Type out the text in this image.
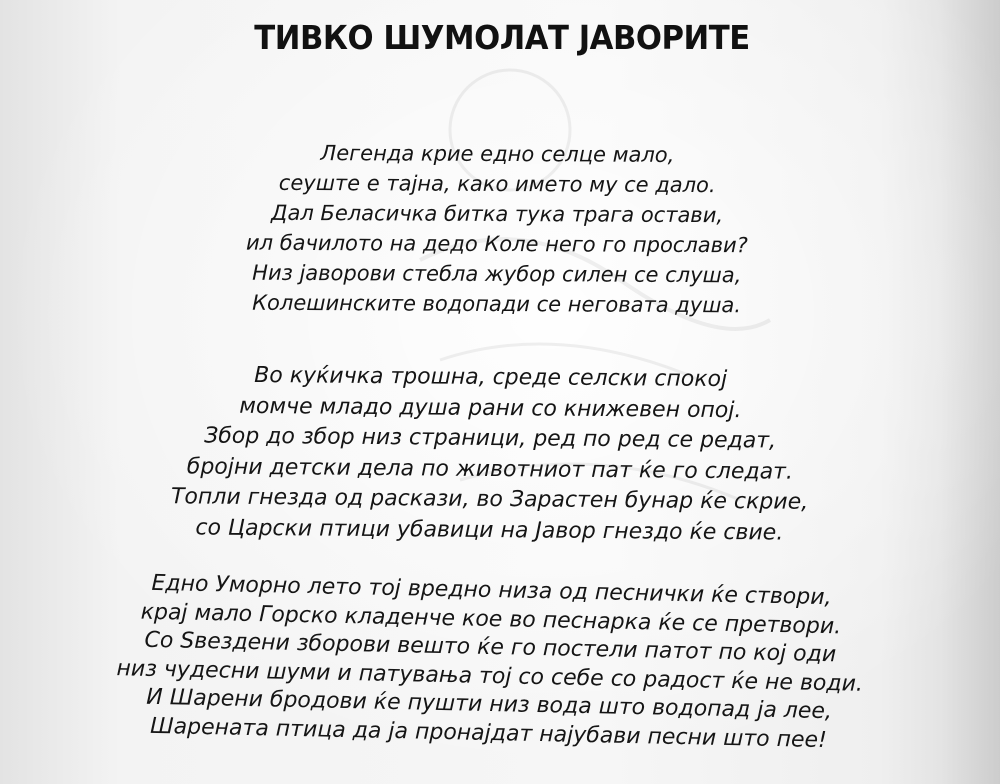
ТИВКО ШУМОЛАТ ЈАВОРИТЕ
Легенда крие едно селце мало,
сеуште е тајна, како името му се дало.
Дал Беласичка битка тука трага остави,
ил бачилото на дедо Коле него го прослави?
Низ јаворови стебла жубор силен се слуша,
Колешинските водопади се неговата душа.
Во куќичка трошна, среде селски спокој
момче младо душа рани со книжевен опој.
Збор до збор низ страници, ред по ред се редат,
бројни детски дела по животниот пат ќе го следат.
Топли гнезда од раскази, во Зарастен бунар ќе скрие,
со Царски птици убавици на Јавор гнездо ќе свие.
Едно Уморно лето тој вредно низа од песнички ќе створи,
крај мало Горско кладенче кое во песнарка ќе се претвори.
Со Ѕвездени зборови вешто ќе го постели патот по кој оди
низ чудесни шуми и патувања тој со себе со радост ќе не води.
И Шарени бродови ќе пушти низ вода што водопад ја лее,
Шарената птица да ја пронајдат најубави песни што пее!
